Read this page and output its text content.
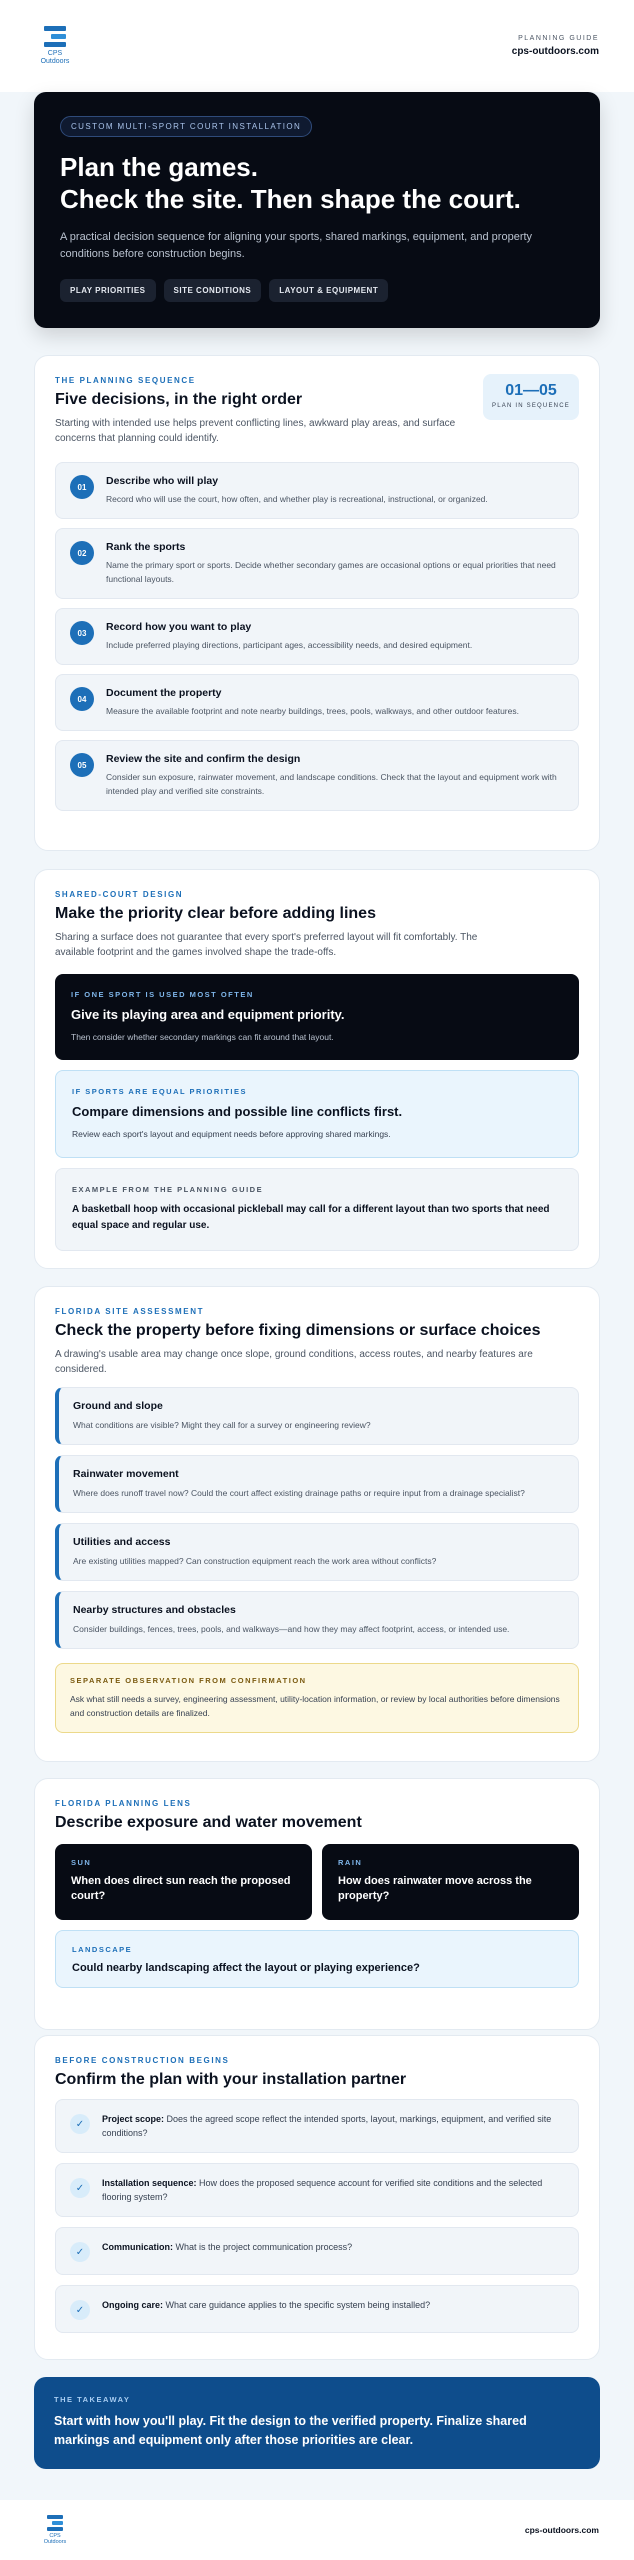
CPS
Outdoors
PLANNING GUIDE
cps-outdoors.com
CUSTOM MULTI-SPORT COURT INSTALLATION
Plan the games.
Check the site. Then shape the court.
A practical decision sequence for aligning your sports, shared markings, equipment, and property conditions before construction begins.
PLAY PRIORITIES	SITE CONDITIONS	LAYOUT & EQUIPMENT
THE PLANNING SEQUENCE
Five decisions, in the right order
Starting with intended use helps prevent conflicting lines, awkward play areas, and surface concerns that planning could identify.
01—05
PLAN IN SEQUENCE
01	Describe who will play
Record who will use the court, how often, and whether play is recreational, instructional, or organized.
02	Rank the sports
Name the primary sport or sports. Decide whether secondary games are occasional options or equal priorities that need functional layouts.
03	Record how you want to play
Include preferred playing directions, participant ages, accessibility needs, and desired equipment.
04	Document the property
Measure the available footprint and note nearby buildings, trees, pools, walkways, and other outdoor features.
05	Review the site and confirm the design
Consider sun exposure, rainwater movement, and landscape conditions. Check that the layout and equipment work with intended play and verified site constraints.
SHARED-COURT DESIGN
Make the priority clear before adding lines
Sharing a surface does not guarantee that every sport's preferred layout will fit comfortably. The available footprint and the games involved shape the trade-offs.
IF ONE SPORT IS USED MOST OFTEN
Give its playing area and equipment priority.
Then consider whether secondary markings can fit around that layout.
IF SPORTS ARE EQUAL PRIORITIES
Compare dimensions and possible line conflicts first.
Review each sport's layout and equipment needs before approving shared markings.
EXAMPLE FROM THE PLANNING GUIDE
A basketball hoop with occasional pickleball may call for a different layout than two sports that need equal space and regular use.
FLORIDA SITE ASSESSMENT
Check the property before fixing dimensions or surface choices
A drawing's usable area may change once slope, ground conditions, access routes, and nearby features are considered.
Ground and slope
What conditions are visible? Might they call for a survey or engineering review?
Rainwater movement
Where does runoff travel now? Could the court affect existing drainage paths or require input from a drainage specialist?
Utilities and access
Are existing utilities mapped? Can construction equipment reach the work area without conflicts?
Nearby structures and obstacles
Consider buildings, fences, trees, pools, and walkways—and how they may affect footprint, access, or intended use.
SEPARATE OBSERVATION FROM CONFIRMATION
Ask what still needs a survey, engineering assessment, utility-location information, or review by local authorities before dimensions and construction details are finalized.
FLORIDA PLANNING LENS
Describe exposure and water movement
SUN
When does direct sun reach the proposed court?
RAIN
How does rainwater move across the property?
LANDSCAPE
Could nearby landscaping affect the layout or playing experience?
BEFORE CONSTRUCTION BEGINS
Confirm the plan with your installation partner
✓	Project scope: Does the agreed scope reflect the intended sports, layout, markings, equipment, and verified site conditions?
✓	Installation sequence: How does the proposed sequence account for verified site conditions and the selected flooring system?
✓	Communication: What is the project communication process?
✓	Ongoing care: What care guidance applies to the specific system being installed?
THE TAKEAWAY
Start with how you'll play. Fit the design to the verified property. Finalize shared markings and equipment only after those priorities are clear.
CPS
Outdoors
cps-outdoors.com
